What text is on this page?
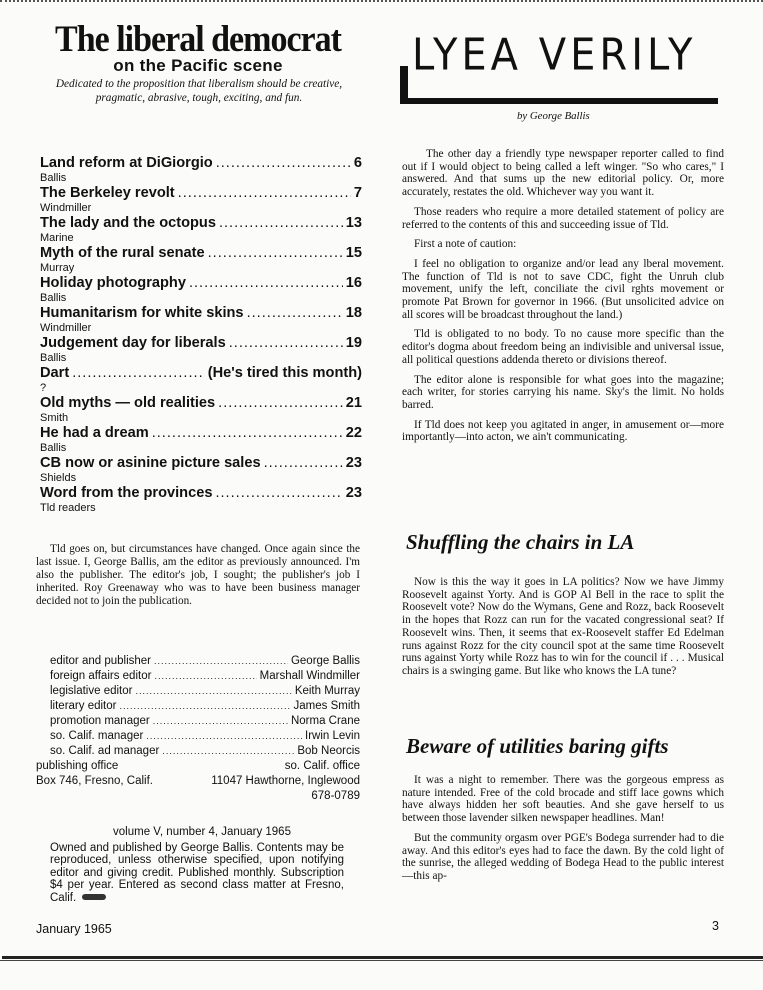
The liberal democrat
on the Pacific scene
Dedicated to the proposition that liberalism should be creative, pragmatic, abrasive, tough, exciting, and fun.
Land reform at DiGiorgio .....	6
Ballis
The Berkeley revolt .....	7
Windmiller
The lady and the octopus .....	13
Marine
Myth of the rural senate .....	15
Murray
Holiday photography .....	16
Ballis
Humanitarism for white skins .....	18
Windmiller
Judgement day for liberals .....	19
Ballis
Dart .....	(He's tired this month)
?
Old myths — old realities .....	21
Smith
He had a dream .....	22
Ballis
CB now or asinine picture sales .....	23
Shields
Word from the provinces .....	23
Tld readers
Tld goes on, but circumstances have changed. Once again since the last issue. I, George Ballis, am the editor as previously announced. I'm also the publisher. The editor's job, I sought; the publisher's job I inherited. Roy Greenaway who was to have been business manager decided not to join the publication.
editor and publisher .....	George Ballis
foreign affairs editor .....	Marshall Windmiller
legislative editor .....	Keith Murray
literary editor .....	James Smith
promotion manager .....	Norma Crane
so. Calif. manager .....	Irwin Levin
so. Calif. ad manager .....	Bob Neorcis
publishing office	so. Calif. office
Box 746, Fresno, Calif.	11047 Hawthorne, Inglewood
678-0789
volume V, number 4, January 1965
Owned and published by George Ballis. Contents may be reproduced, unless otherwise specified, upon notifying editor and giving credit. Published monthly. Subscription $4 per year. Entered as second class matter at Fresno, Calif.
January 1965	3
LYEA VERILY
by George Ballis

The other day a friendly type newspaper reporter called to find out if I would object to being called a left winger. "So who cares," I answered. And that sums up the new editorial policy. Or, more accurately, restates the old. Whichever way you want it.

Those readers who require a more detailed statement of policy are referred to the contents of this and succeeding issue of Tld.

First a note of caution:

I feel no obligation to organize and/or lead any lberal movement. The function of Tld is not to save CDC, fight the Unruh club movement, unify the left, conciliate the civil rghts movement or promote Pat Brown for governor in 1966. (But unsolicited advice on all scores will be broadcast throughout the land.)

Tld is obligated to no body. To no cause more specific than the editor's dogma about freedom being an indivisible and universal issue, all political questions addenda thereto or divisions thereof.

The editor alone is responsible for what goes into the magazine; each writer, for stories carrying his name. Sky's the limit. No holds barred.

If Tld does not keep you agitated in anger, in amusement or—more importantly—into acton, we ain't communicating.

Shuffling the chairs in LA

Now is this the way it goes in LA politics? Now we have Jimmy Roosevelt against Yorty. And is GOP Al Bell in the race to split the Roosevelt vote? Now do the Wymans, Gene and Rozz, back Roosevelt in the hopes that Rozz can run for the vacated congressional seat? If Roosevelt wins. Then, it seems that ex-Roosevelt staffer Ed Edelman runs against Rozz for the city council spot at the same time Roosevelt runs against Yorty while Rozz has to win for the council if . . . Musical chairs is a swinging game. But like who knows the LA tune?

Beware of utilities baring gifts

It was a night to remember. There was the gorgeous empress as nature intended. Free of the cold brocade and stiff lace gowns which have always hidden her soft beauties. And she gave herself to us between those lavender silken newspaper headlines. Man!

But the community orgasm over PGE's Bodega surrender had to die away. And this editor's eyes had to face the dawn. By the cold light of the sunrise, the alleged wedding of Bodega Head to the public interest—this ap-
